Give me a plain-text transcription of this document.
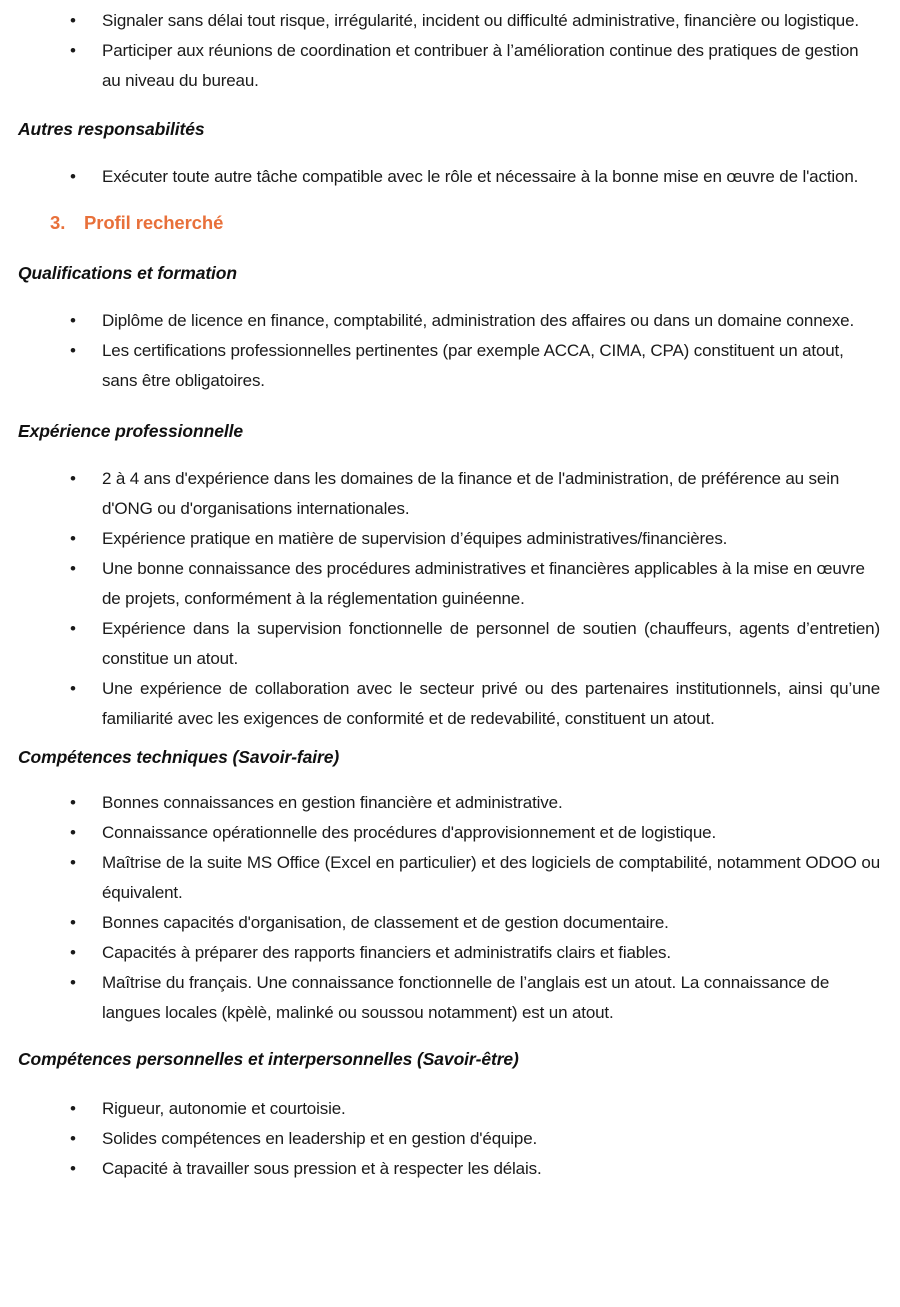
• Signaler sans délai tout risque, irrégularité, incident ou difficulté administrative, financière ou logistique.
• Participer aux réunions de coordination et contribuer à l’amélioration continue des pratiques de gestion au niveau du bureau.
Autres responsabilités
• Exécuter toute autre tâche compatible avec le rôle et nécessaire à la bonne mise en œuvre de l'action.
3.	Profil recherché
Qualifications et formation
• Diplôme de licence en finance, comptabilité, administration des affaires ou dans un domaine connexe.
• Les certifications professionnelles pertinentes (par exemple ACCA, CIMA, CPA) constituent un atout, sans être obligatoires.
Expérience professionnelle
• 2 à 4 ans d'expérience dans les domaines de la finance et de l'administration, de préférence au sein d'ONG ou d'organisations internationales.
• Expérience pratique en matière de supervision d’équipes administratives/financières.
• Une bonne connaissance des procédures administratives et financières applicables à la mise en œuvre de projets, conformément à la réglementation guinéenne.
• Expérience dans la supervision fonctionnelle de personnel de soutien (chauffeurs, agents d’entretien) constitue un atout.
• Une expérience de collaboration avec le secteur privé ou des partenaires institutionnels, ainsi qu’une familiarité avec les exigences de conformité et de redevabilité, constituent un atout.
Compétences techniques (Savoir-faire)
• Bonnes connaissances en gestion financière et administrative.
• Connaissance opérationnelle des procédures d'approvisionnement et de logistique.
• Maîtrise de la suite MS Office (Excel en particulier) et des logiciels de comptabilité, notamment ODOO ou équivalent.
• Bonnes capacités d'organisation, de classement et de gestion documentaire.
• Capacités à préparer des rapports financiers et administratifs clairs et fiables.
• Maîtrise du français. Une connaissance fonctionnelle de l’anglais est un atout. La connaissance de langues locales (kpèlè, malinké ou soussou notamment) est un atout.
Compétences personnelles et interpersonnelles (Savoir-être)
• Rigueur, autonomie et courtoisie.
• Solides compétences en leadership et en gestion d'équipe.
• Capacité à travailler sous pression et à respecter les délais.
